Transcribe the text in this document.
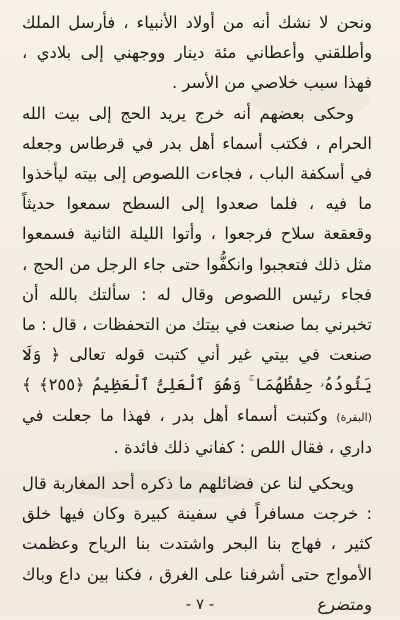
ونحن لا نشك أنه من أولاد الأنبياء ، فأرسل الملك وأطلقني وأعطاني مئة دينار ووجهني إلى بلادي ، فهذا سبب خلاصي من الأسر .

وحكى بعضهم أنه خرج يريد الحج إلى بيت الله الحرام ، فكتب أسماء أهل بدر في قرطاس وجعله في أسكفة الباب ، فجاءت اللصوص إلى بيته ليأخذوا ما فيه ، فلما صعدوا إلى السطح سمعوا حديثاً وقعقعة سلاح فرجعوا ، وأتوا الليلة الثانية فسمعوا مثل ذلك فتعجبوا وانكفُّوا حتى جاء الرجل من الحج ، فجاء رئيس اللصوص وقال له : سألتك بالله أن تخبرني بما صنعت في بيتك من التحفظات ، قال : ما صنعت في بيتي غير أني كتبت قوله تعالى ﴿ وَلَا يَئُودُهُۥ حِفْظُهُمَا ۚ وَهُوَ ٱلْعَلِىُّ ٱلْعَظِيمُ ﴿٢٥٥﴾ ﴾ (البقرة) وكتبت أسماء أهل بدر ، فهذا ما جعلت في داري ، فقال اللص : كفاني ذلك فائدة .

ويحكي لنا عن فضائلهم ما ذكره أحد المغاربة قال : خرجت مسافراً في سفينة كبيرة وكان فيها خلق كثير ، فهاج بنا البحر واشتدت بنا الرياح وعظمت الأمواج حتى أشرفنا على الغرق ، فكنا بين داع وباك ومتضرع

- ٧ -
